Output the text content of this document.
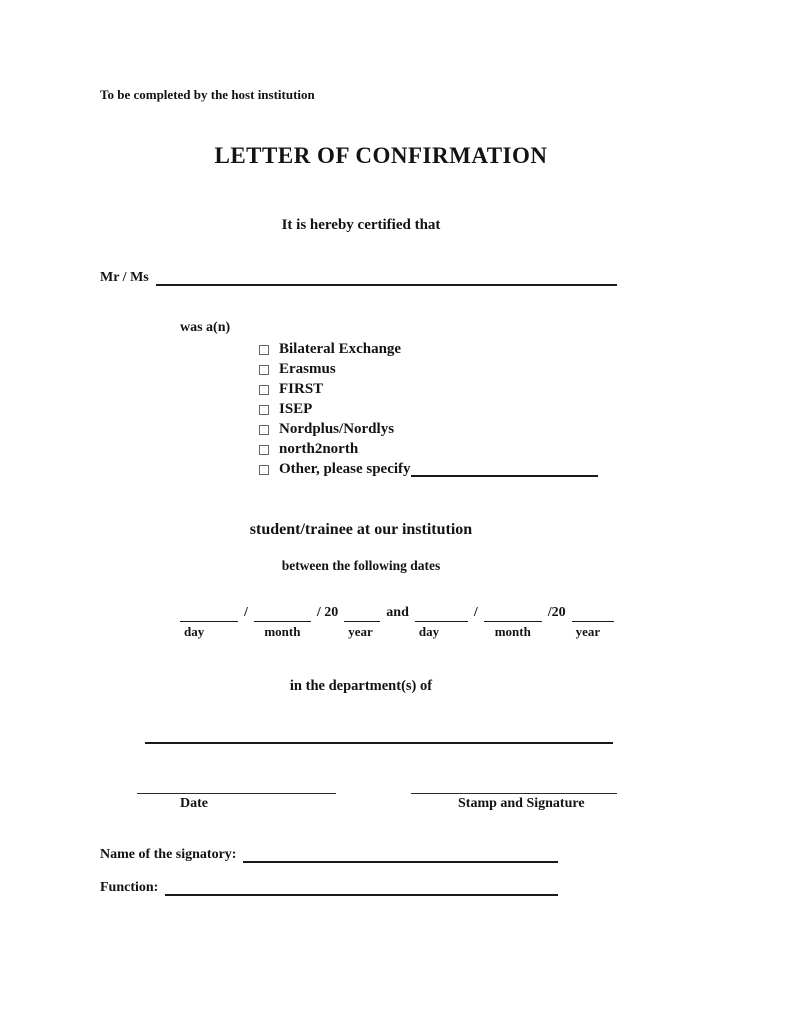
To be completed by the host institution
LETTER OF CONFIRMATION
It is hereby certified that
Mr / Ms
was a(n)
Bilateral Exchange
Erasmus
FIRST
ISEP
Nordplus/Nordlys
north2north
Other, please specify
student/trainee at our institution
between the following dates
day
/
month
/ 20
year
and
day
/
month
/20
year
in the department(s) of
Date	Stamp and Signature
Name of the signatory:
Function:
